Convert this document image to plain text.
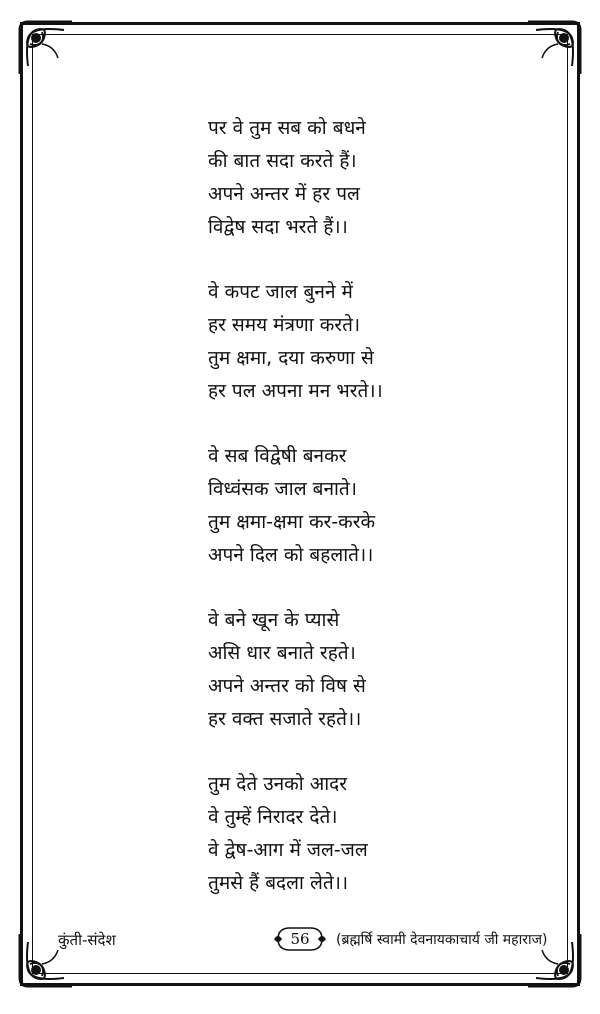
पर वे तुम सब को बधने
की बात सदा करते हैं।
अपने अन्तर में हर पल
विद्वेष सदा भरते हैं।।
वे कपट जाल बुनने में
हर समय मंत्रणा करते।
तुम क्षमा, दया करुणा से
हर पल अपना मन भरते।।
वे सब विद्वेषी बनकर
विध्वंसक जाल बनाते।
तुम क्षमा-क्षमा कर-करके
अपने दिल को बहलाते।।
वे बने खून के प्यासे
असि धार बनाते रहते।
अपने अन्तर को विष से
हर वक्त सजाते रहते।।
तुम देते उनको आदर
वे तुम्हें निरादर देते।
वे द्वेष-आग में जल-जल
तुमसे हैं बदला लेते।।
कुंती-संदेश	56	(ब्रह्मर्षि स्वामी देवनायकाचार्य जी महाराज)
